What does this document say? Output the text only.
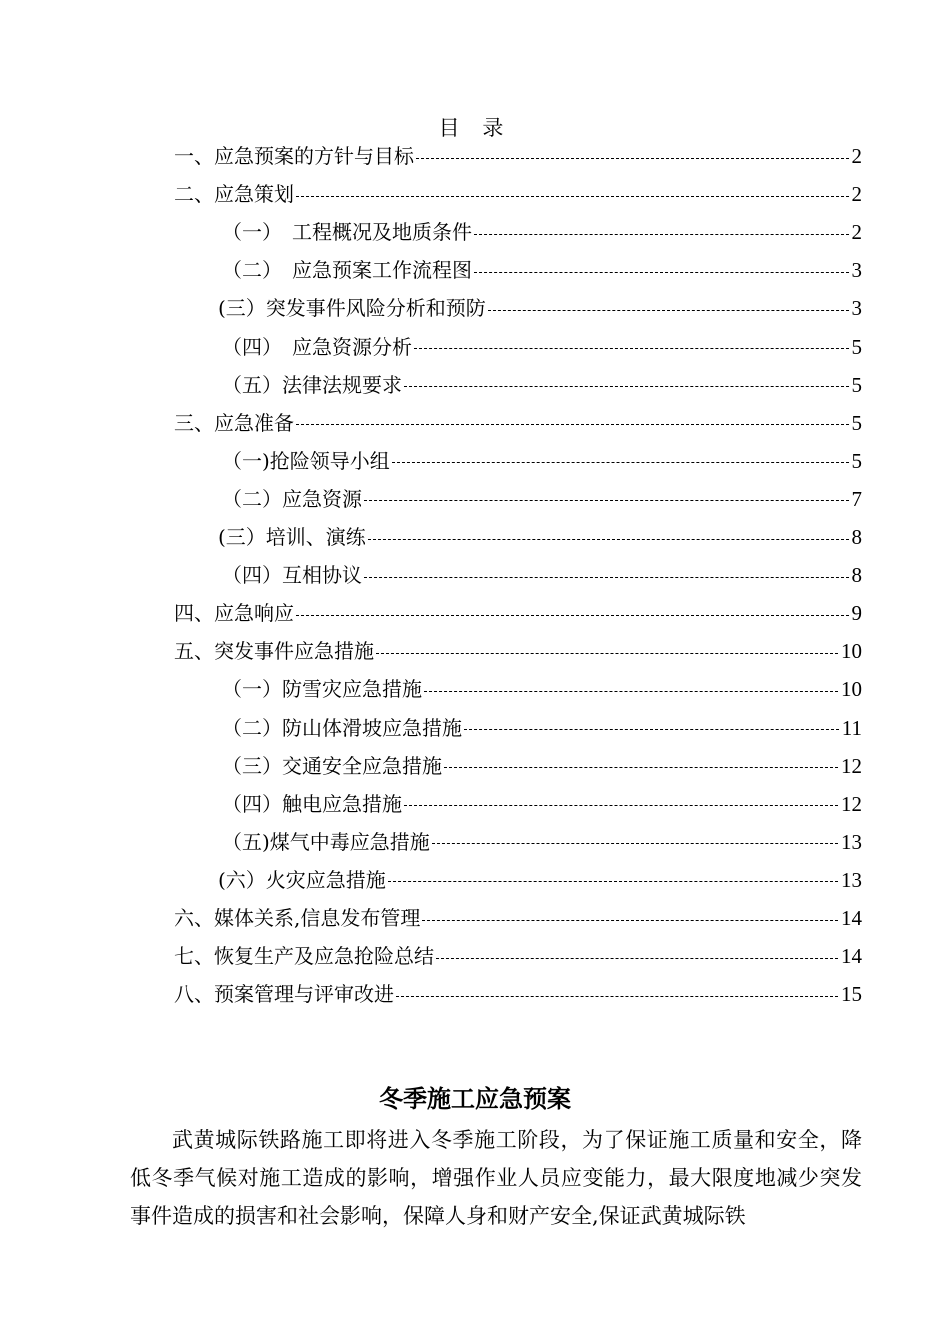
目 录
一、应急预案的方针与目标	2
二、应急策划	2
（一）　工程概况及地质条件	2
（二）　应急预案工作流程图	3
(三）突发事件风险分析和预防	3
（四）　应急资源分析	5
（五）法律法规要求	5
三、应急准备	5
（一)抢险领导小组	5
（二）应急资源	7
(三）培训、演练	8
（四）互相协议	8
四、应急响应	9
五、突发事件应急措施	10
（一）防雪灾应急措施	10
（二）防山体滑坡应急措施	11
（三）交通安全应急措施	12
（四）触电应急措施	12
（五)煤气中毒应急措施	13
(六）火灾应急措施	13
六、媒体关系,信息发布管理	14
七、恢复生产及应急抢险总结	14
八、预案管理与评审改进	15
冬季施工应急预案

武黄城际铁路施工即将进入冬季施工阶段，为了保证施工质量和安全，降低冬季气候对施工造成的影响，增强作业人员应变能力，最大限度地减少突发事件造成的损害和社会影响，保障人身和财产安全,保证武黄城际铁
